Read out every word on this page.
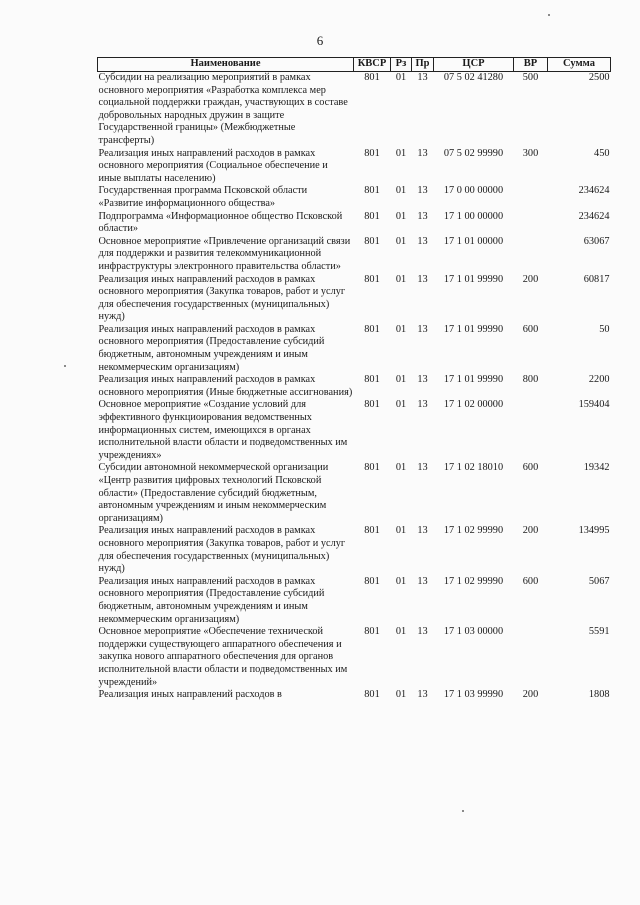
6
Наименование	КВСР	Рз	Пр	ЦСР	ВР	Сумма
Субсидии на реализацию мероприятий в рамках основного мероприятия «Разработка комплекса мер социальной поддержки граждан, участвующих в составе добровольных народных дружин в защите Государственной границы» (Межбюджетные трансферты)	801	01	13	07 5 02 41280	500	2500
Реализация иных направлений расходов в рамках основного мероприятия (Социальное обеспечение и иные выплаты населению)	801	01	13	07 5 02 99990	300	450
Государственная программа Псковской области «Развитие информационного общества»	801	01	13	17 0 00 00000		234624
Подпрограмма «Информационное общество Псковской области»	801	01	13	17 1 00 00000		234624
Основное мероприятие «Привлечение организаций связи для поддержки и развития телекоммуникационной инфраструктуры электронного правительства области»	801	01	13	17 1 01 00000		63067
Реализация иных направлений расходов в рамках основного мероприятия (Закупка товаров, работ и услуг для обеспечения государственных (муниципальных) нужд)	801	01	13	17 1 01 99990	200	60817
Реализация иных направлений расходов в рамках основного мероприятия (Предоставление субсидий бюджетным, автономным учреждениям и иным некоммерческим организациям)	801	01	13	17 1 01 99990	600	50
Реализация иных направлений расходов в рамках основного мероприятия (Иные бюджетные ассигнования)	801	01	13	17 1 01 99990	800	2200
Основное мероприятие «Создание условий для эффективного функциоирования ведомственных информационных систем, имеющихся в органах исполнительной власти области и подведомственных им учреждениях»	801	01	13	17 1 02 00000		159404
Субсидии автономной некоммерческой организации «Центр развития цифровых технологий Псковской области» (Предоставление субсидий бюджетным, автономным учреждениям и иным некоммерческим организациям)	801	01	13	17 1 02 18010	600	19342
Реализация иных направлений расходов в рамках основного мероприятия (Закупка товаров, работ и услуг для обеспечения государственных (муниципальных) нужд)	801	01	13	17 1 02 99990	200	134995
Реализация иных направлений расходов в рамках основного мероприятия (Предоставление субсидий бюджетным, автономным учреждениям и иным некоммерческим организациям)	801	01	13	17 1 02 99990	600	5067
Основное мероприятие «Обеспечение технической поддержки существующего аппаратного обеспечения и закупка нового аппаратного обеспечения для органов исполнительной власти области и подведомственных им учреждений»	801	01	13	17 1 03 00000		5591
Реализация иных направлений расходов в	801	01	13	17 1 03 99990	200	1808
